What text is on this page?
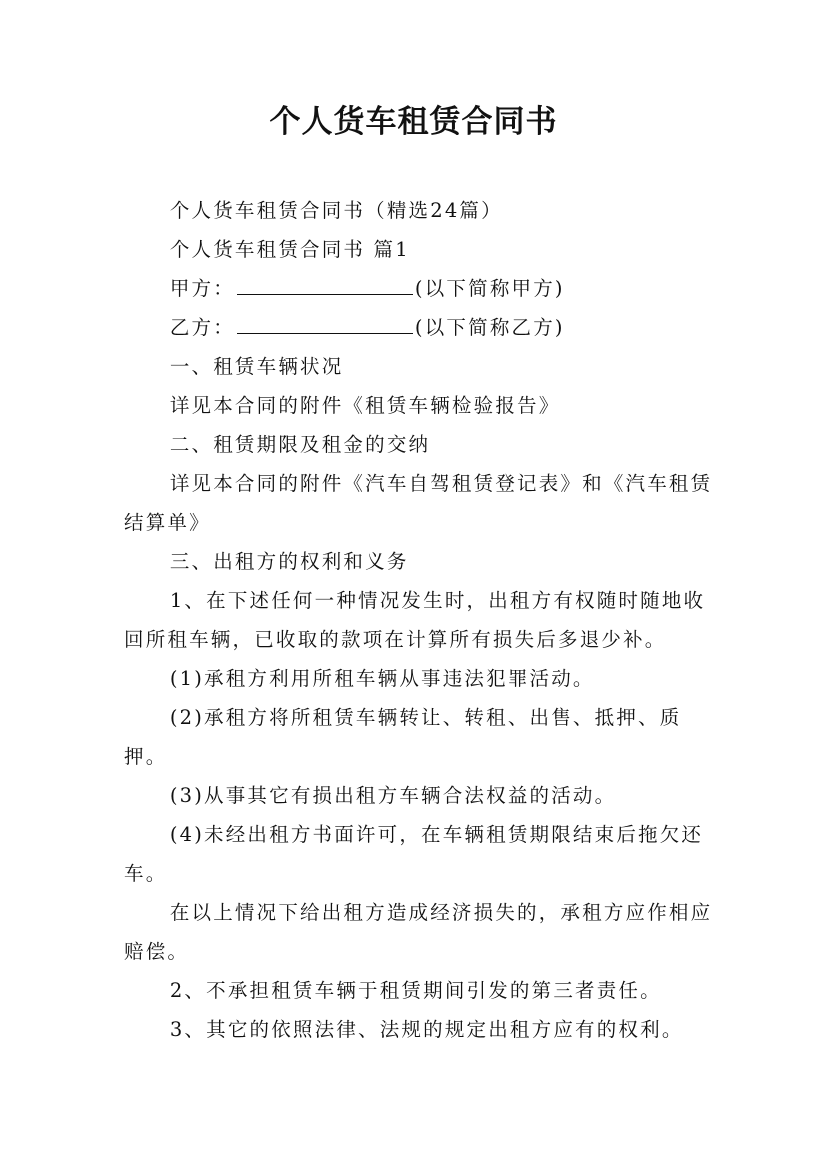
个人货车租赁合同书

个人货车租赁合同书（精选24篇）

个人货车租赁合同书 篇1

甲方：	(以下简称甲方)

乙方：	(以下简称乙方)

一、租赁车辆状况

详见本合同的附件《租赁车辆检验报告》

二、租赁期限及租金的交纳

详见本合同的附件《汽车自驾租赁登记表》和《汽车租赁结算单》

三、出租方的权利和义务

1、在下述任何一种情况发生时，出租方有权随时随地收回所租车辆，已收取的款项在计算所有损失后多退少补。

(1)承租方利用所租车辆从事违法犯罪活动。

(2)承租方将所租赁车辆转让、转租、出售、抵押、质押。

(3)从事其它有损出租方车辆合法权益的活动。

(4)未经出租方书面许可，在车辆租赁期限结束后拖欠还车。

在以上情况下给出租方造成经济损失的，承租方应作相应赔偿。

2、不承担租赁车辆于租赁期间引发的第三者责任。

3、其它的依照法律、法规的规定出租方应有的权利。
